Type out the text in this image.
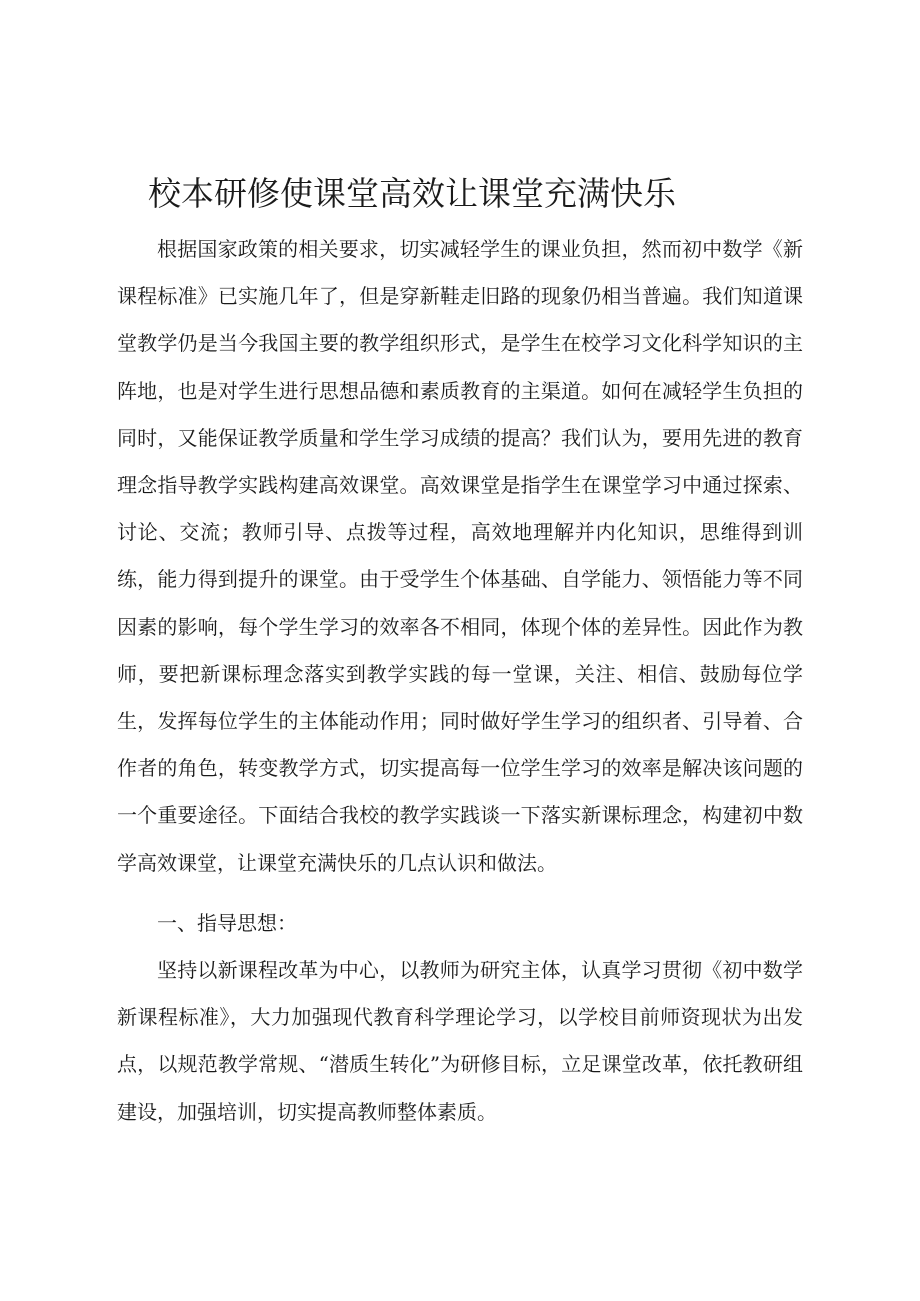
校本研修使课堂高效让课堂充满快乐

根据国家政策的相关要求，切实减轻学生的课业负担，然而初中数学《新课程标准》已实施几年了，但是穿新鞋走旧路的现象仍相当普遍。我们知道课堂教学仍是当今我国主要的教学组织形式，是学生在校学习文化科学知识的主阵地，也是对学生进行思想品德和素质教育的主渠道。如何在减轻学生负担的同时，又能保证教学质量和学生学习成绩的提高？我们认为，要用先进的教育理念指导教学实践构建高效课堂。高效课堂是指学生在课堂学习中通过探索、讨论、交流；教师引导、点拨等过程，高效地理解并内化知识，思维得到训练，能力得到提升的课堂。由于受学生个体基础、自学能力、领悟能力等不同因素的影响，每个学生学习的效率各不相同，体现个体的差异性。因此作为教师，要把新课标理念落实到教学实践的每一堂课，关注、相信、鼓励每位学生，发挥每位学生的主体能动作用；同时做好学生学习的组织者、引导着、合作者的角色，转变教学方式，切实提高每一位学生学习的效率是解决该问题的一个重要途径。下面结合我校的教学实践谈一下落实新课标理念，构建初中数学高效课堂，让课堂充满快乐的几点认识和做法。

一、指导思想：

坚持以新课程改革为中心，以教师为研究主体，认真学习贯彻《初中数学新课程标准》，大力加强现代教育科学理论学习，以学校目前师资现状为出发点，以规范教学常规、“潜质生转化”为研修目标，立足课堂改革，依托教研组建设，加强培训，切实提高教师整体素质。
